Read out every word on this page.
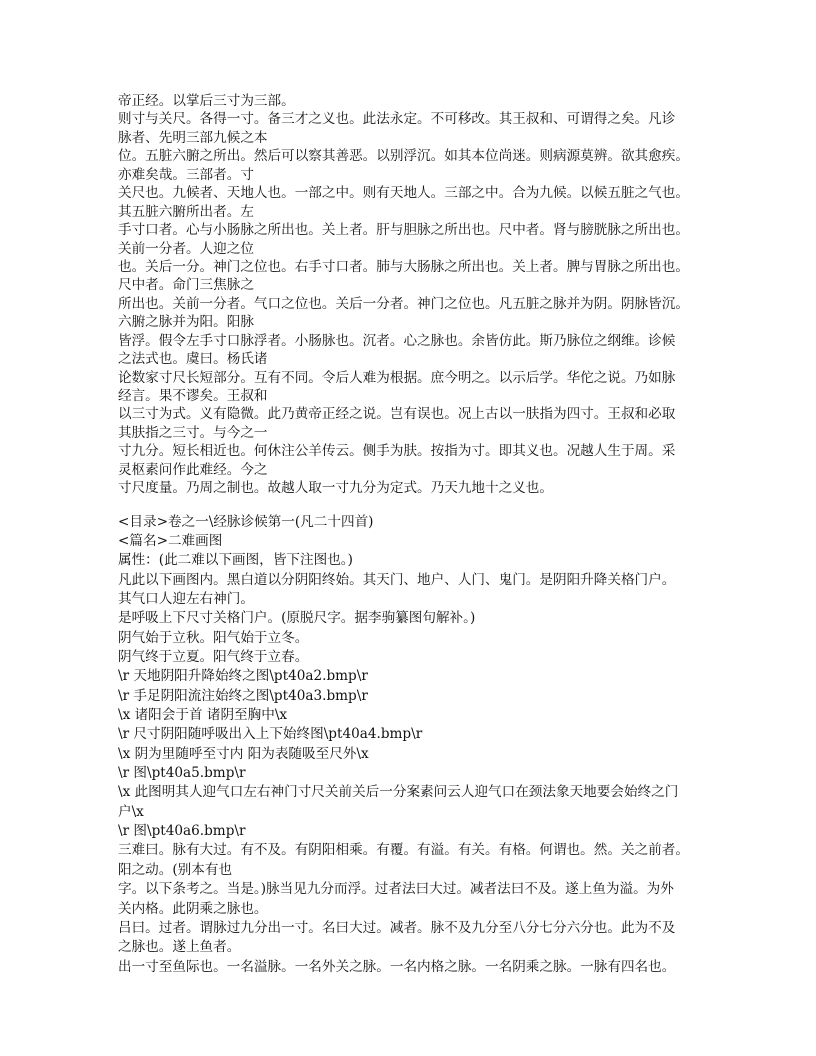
帝正经。以掌后三寸为三部。
则寸与关尺。各得一寸。备三才之义也。此法永定。不可移改。其王叔和、可谓得之矣。凡诊
脉者、先明三部九候之本
位。五脏六腑之所出。然后可以察其善恶。以别浮沉。如其本位尚迷。则病源莫辨。欲其愈疾。
亦难矣哉。三部者。寸
关尺也。九候者、天地人也。一部之中。则有天地人。三部之中。合为九候。以候五脏之气也。
其五脏六腑所出者。左
手寸口者。心与小肠脉之所出也。关上者。肝与胆脉之所出也。尺中者。肾与膀胱脉之所出也。
关前一分者。人迎之位
也。关后一分。神门之位也。右手寸口者。肺与大肠脉之所出也。关上者。脾与胃脉之所出也。
尺中者。命门三焦脉之
所出也。关前一分者。气口之位也。关后一分者。神门之位也。凡五脏之脉并为阴。阴脉皆沉。
六腑之脉并为阳。阳脉
皆浮。假令左手寸口脉浮者。小肠脉也。沉者。心之脉也。余皆仿此。斯乃脉位之纲维。诊候
之法式也。虞曰。杨氏诸
论数家寸尺长短部分。互有不同。令后人难为根据。庶今明之。以示后学。华佗之说。乃如脉
经言。果不谬矣。王叔和
以三寸为式。义有隐微。此乃黄帝正经之说。岂有误也。况上古以一肤指为四寸。王叔和必取
其肤指之三寸。与今之一
寸九分。短长相近也。何休注公羊传云。侧手为肤。按指为寸。即其义也。况越人生于周。采
灵枢素问作此难经。今之
寸尺度量。乃周之制也。故越人取一寸九分为定式。乃天九地十之义也。
<目录>卷之一\经脉诊候第一(凡二十四首)
<篇名>二难画图
属性：(此二难以下画图，皆下注图也。)
凡此以下画图内。黑白道以分阴阳终始。其天门、地户、人门、鬼门。是阴阳升降关格门户。
其气口人迎左右神门。
是呼吸上下尺寸关格门户。(原脱尺字。据李驹纂图句解补。)
阴气始于立秋。阳气始于立冬。
阴气终于立夏。阳气终于立春。
\r 天地阴阳升降始终之图\pt40a2.bmp\r
\r 手足阴阳流注始终之图\pt40a3.bmp\r
\x 诸阳会于首 诸阴至胸中\x
\r 尺寸阴阳随呼吸出入上下始终图\pt40a4.bmp\r
\x 阴为里随呼至寸内 阳为表随吸至尺外\x
\r 图\pt40a5.bmp\r
\x 此图明其人迎气口左右神门寸尺关前关后一分案素问云人迎气口在颈法象天地要会始终之门
户\x
\r 图\pt40a6.bmp\r
三难曰。脉有大过。有不及。有阴阳相乘。有覆。有溢。有关。有格。何谓也。然。关之前者。
阳之动。(别本有也
字。以下条考之。当是。)脉当见九分而浮。过者法曰大过。减者法曰不及。遂上鱼为溢。为外
关内格。此阴乘之脉也。
吕曰。过者。谓脉过九分出一寸。名曰大过。减者。脉不及九分至八分七分六分也。此为不及
之脉也。遂上鱼者。
出一寸至鱼际也。一名溢脉。一名外关之脉。一名内格之脉。一名阴乘之脉。一脉有四名也。
